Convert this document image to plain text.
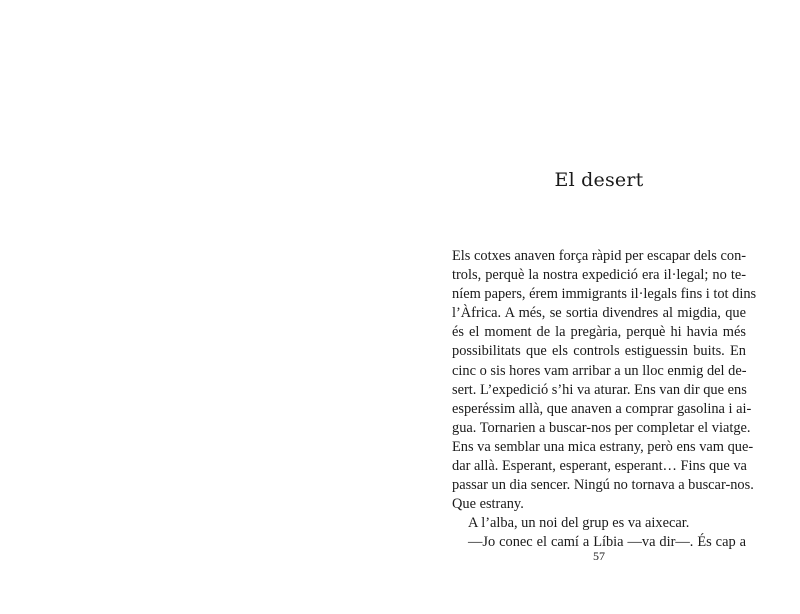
El desert
Els cotxes anaven força ràpid per escapar dels con-
trols, perquè la nostra expedició era il·legal; no te-
níem papers, érem immigrants il·legals fins i tot dins
l’Àfrica. A més, se sortia divendres al migdia, que
és el moment de la pregària, perquè hi havia més
possibilitats que els controls estiguessin buits. En
cinc o sis hores vam arribar a un lloc enmig del de-
sert. L’expedició s’hi va aturar. Ens van dir que ens
esperéssim allà, que anaven a comprar gasolina i ai-
gua. Tornarien a buscar-nos per completar el viatge.
Ens va semblar una mica estrany, però ens vam que-
dar allà. Esperant, esperant, esperant… Fins que va
passar un dia sencer. Ningú no tornava a buscar-nos.
Que estrany.
A l’alba, un noi del grup es va aixecar.
—Jo conec el camí a Líbia —va dir—. És cap a
57
